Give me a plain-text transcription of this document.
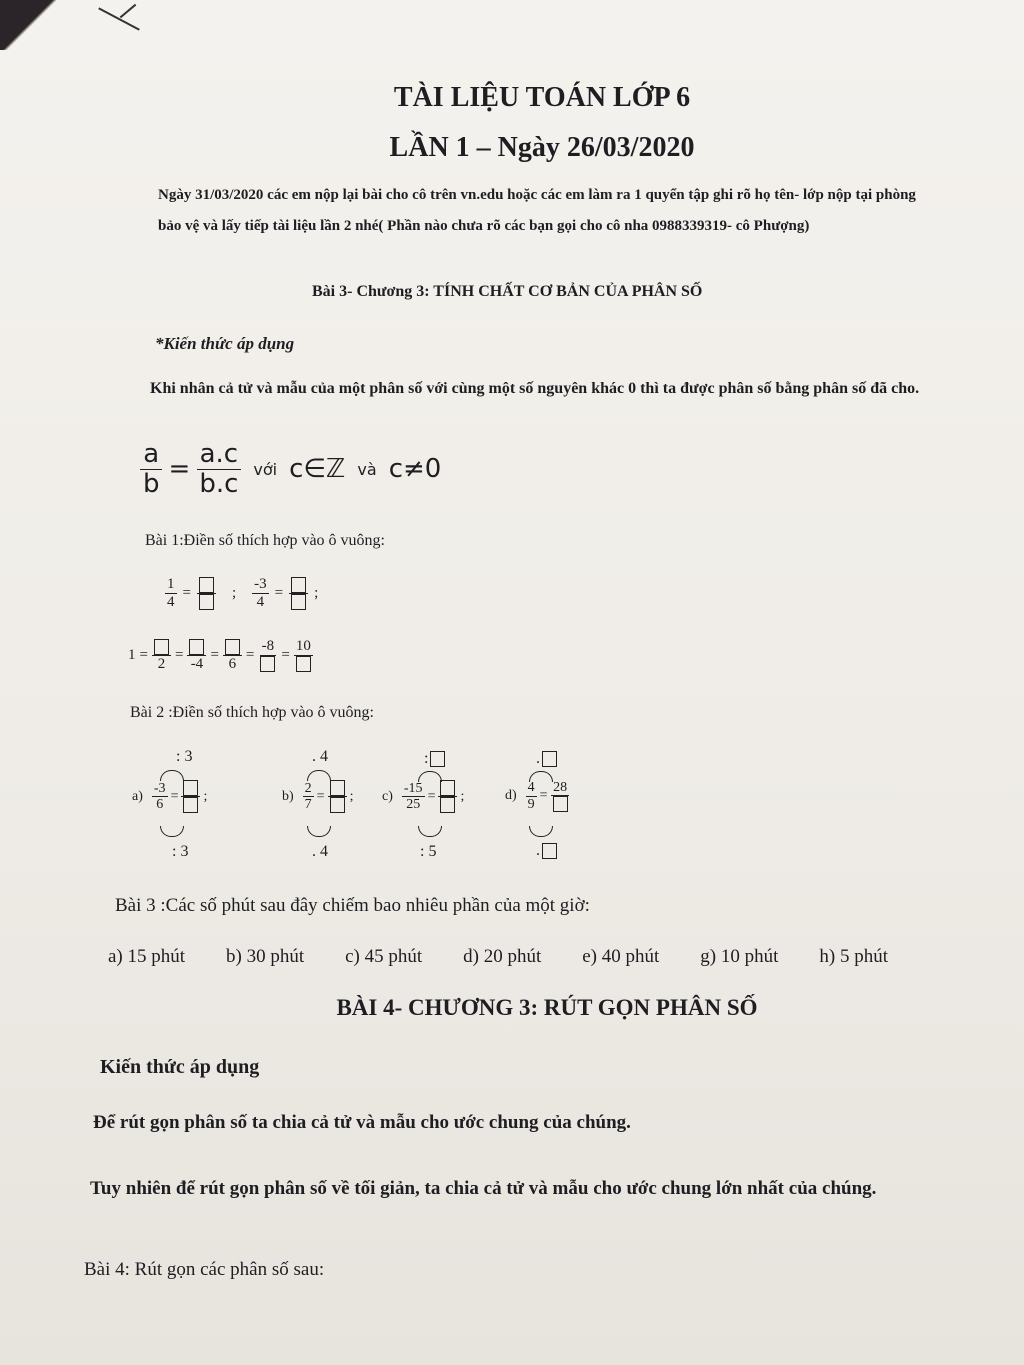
TÀI LIỆU TOÁN LỚP 6
LẦN 1 – Ngày 26/03/2020
Ngày 31/03/2020 các em nộp lại bài cho cô trên vn.edu hoặc các em làm ra 1 quyển tập ghi rõ họ tên- lớp nộp tại phòng bảo vệ và lấy tiếp tài liệu lần 2 nhé( Phần nào chưa rõ các bạn gọi cho cô nha 0988339319- cô Phượng)
Bài 3- Chương 3: TÍNH CHẤT CƠ BẢN CỦA PHÂN SỐ
*Kiến thức áp dụng
Khi nhân cả tử và mẫu của một phân số với cùng một số nguyên khác 0 thì ta được phân số bằng phân số đã cho.
$\frac{a}{b} = \frac{a.c}{b.c}$ với c∈ℤ và c≠0
Bài 1:Điền số thích hợp vào ô vuông:
$\frac{1}{4}$ =	; $\frac{-3}{4}$ = ;
1 =
2
=
-4
=
6
=
-8
=
10
Bài 2 :Điền số thích hợp vào ô vuông:
: 3
$a) \frac{-3}{6}$ = ;
: 3
. 4
$b) \frac{2}{7}$ = ;
. 4
:
$c) \frac{-15}{25}$ = ;
: 5
.
$d) \frac{4}{9}$ =
28
.
Bài 3 :Các số phút sau đây chiếm bao nhiêu phần của một giờ:
a) 15 phút b) 30 phút c) 45 phút d) 20 phút e) 40 phút g) 10 phút h) 5 phút
BÀI 4- CHƯƠNG 3: RÚT GỌN PHÂN SỐ
Kiến thức áp dụng
Để rút gọn phân số ta chia cả tử và mẫu cho ước chung của chúng.
Tuy nhiên để rút gọn phân số về tối giản, ta chia cả tử và mẫu cho ước chung lớn nhất của chúng.
Bài 4: Rút gọn các phân số sau:
